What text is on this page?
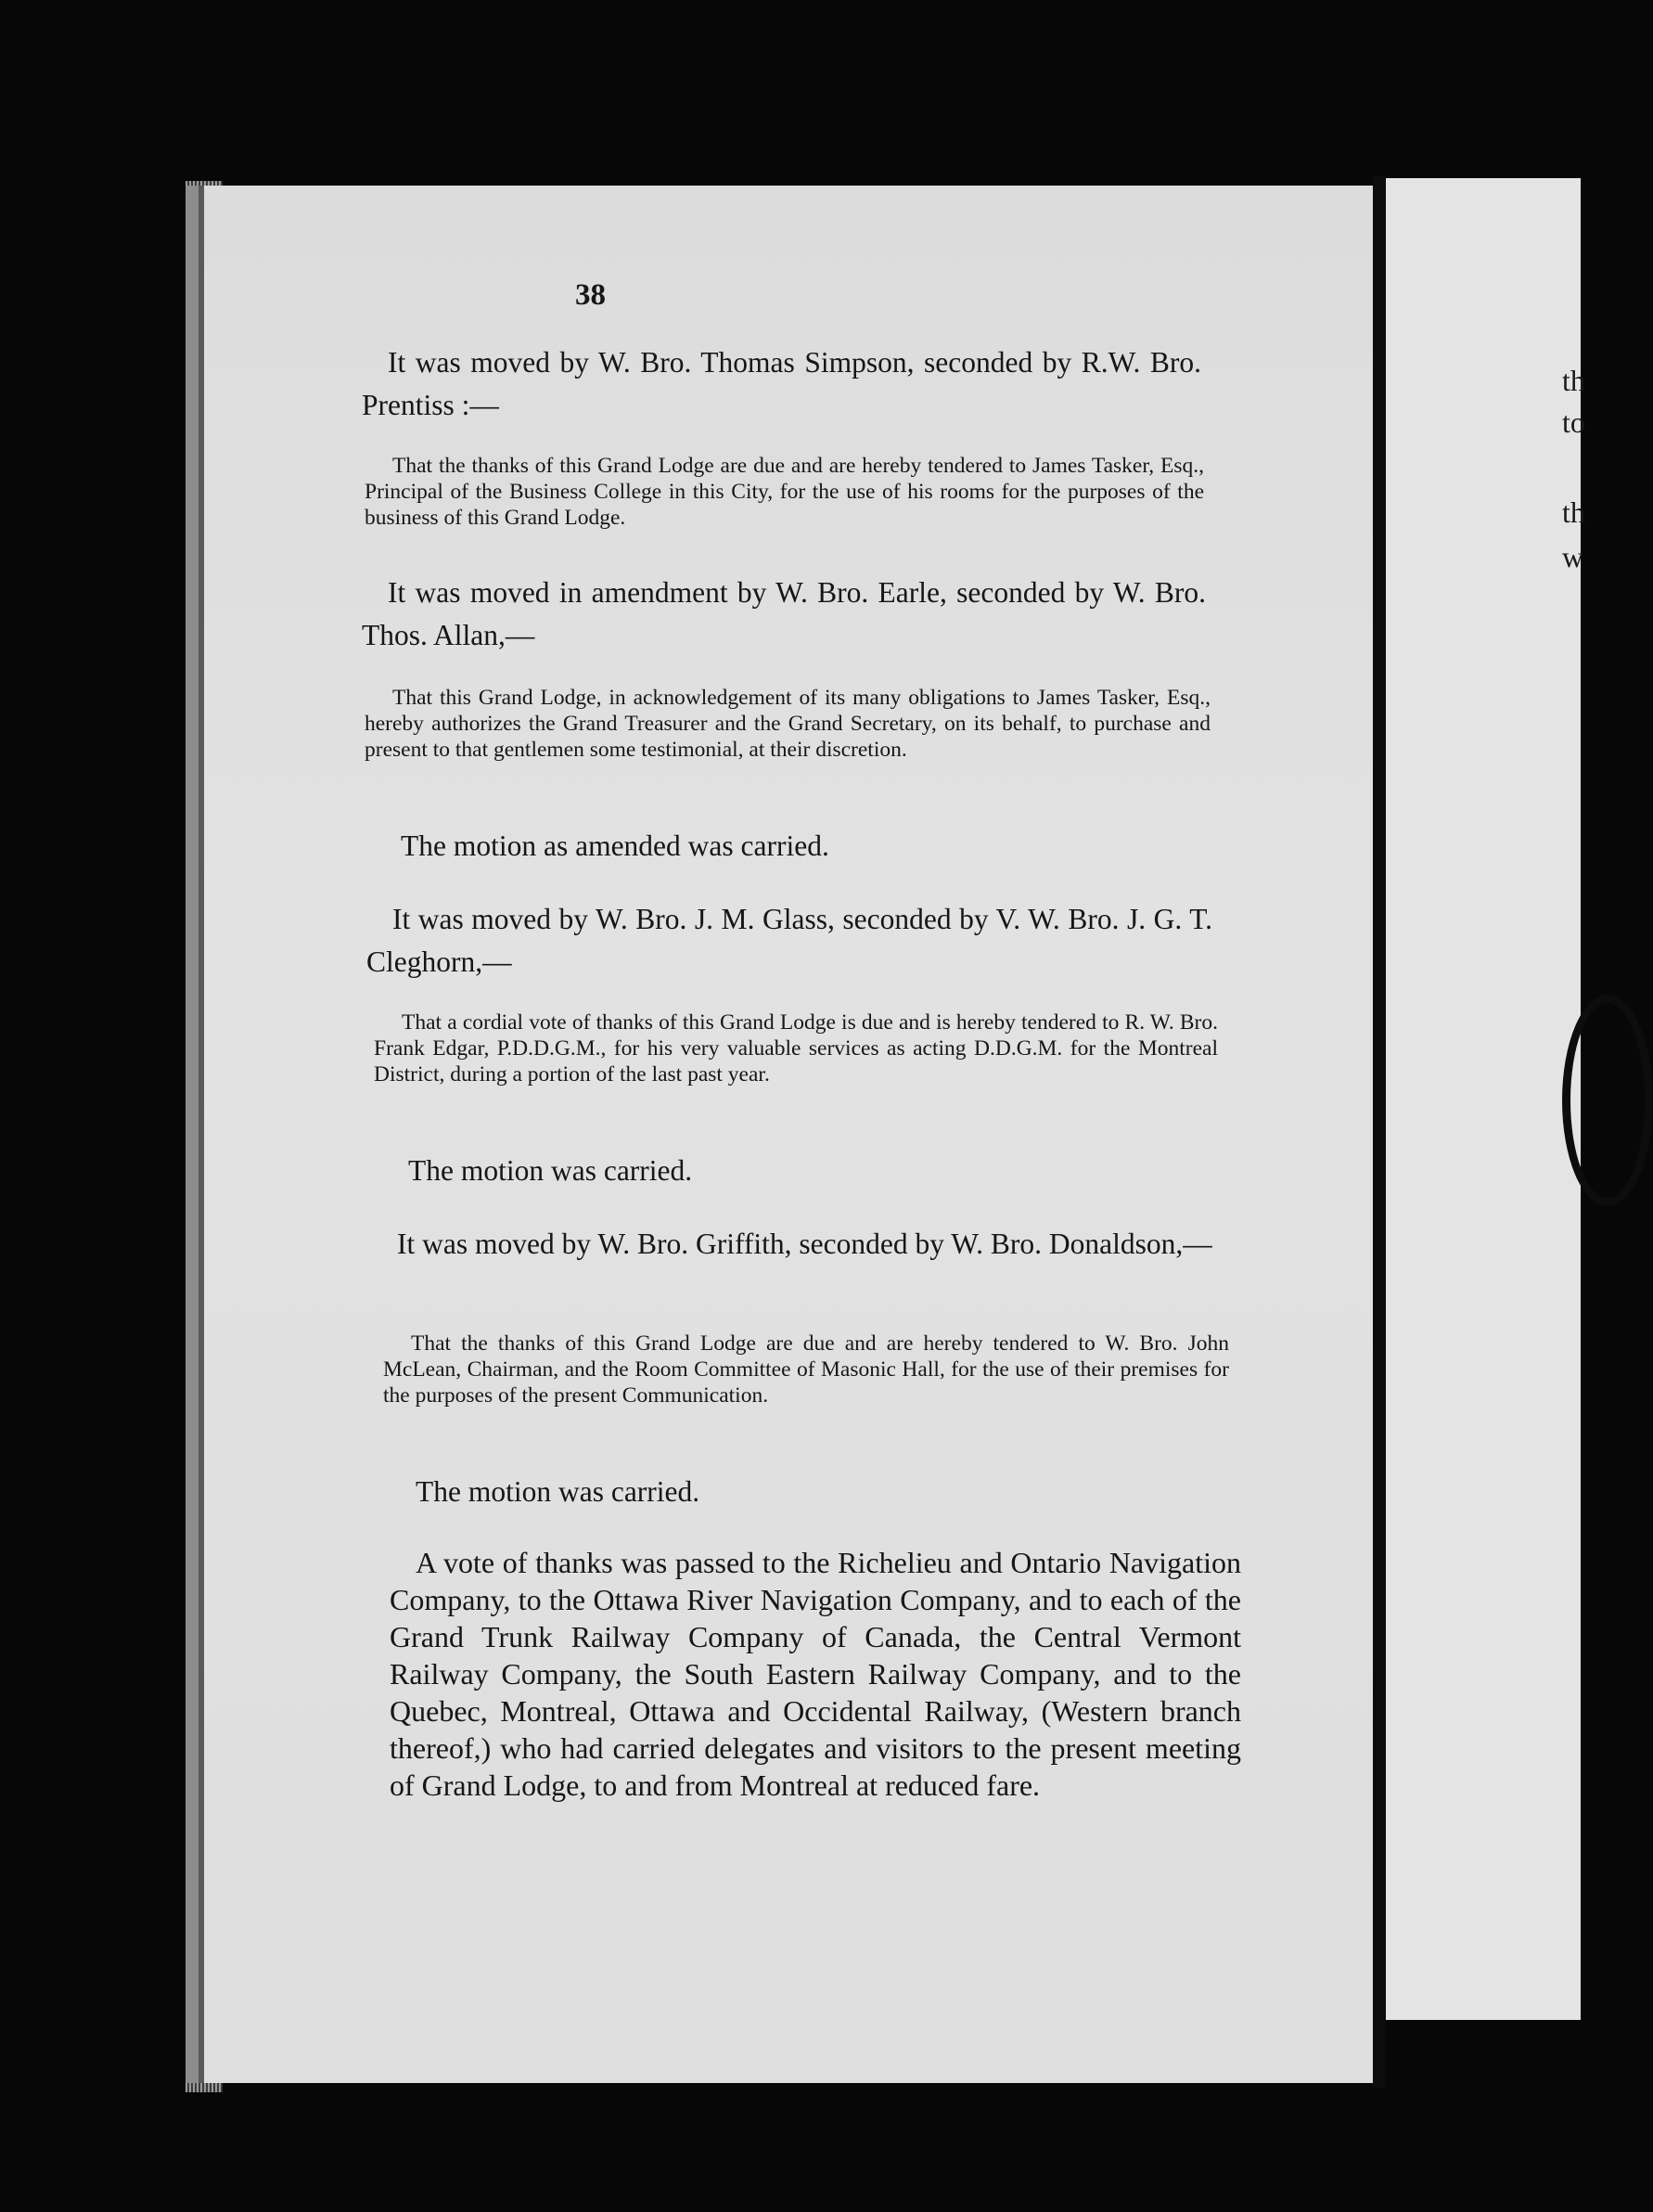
th
to
th
w
38

It was moved by W. Bro. Thomas Simpson, seconded by R.W. Bro. Prentiss :—

That the thanks of this Grand Lodge are due and are hereby tendered to James Tasker, Esq., Principal of the Business College in this City, for the use of his rooms for the purposes of the business of this Grand Lodge.

It was moved in amendment by W. Bro. Earle, seconded by W. Bro. Thos. Allan,—

That this Grand Lodge, in acknowledgement of its many obligations to James Tasker, Esq., hereby authorizes the Grand Treasurer and the Grand Secretary, on its behalf, to purchase and present to that gentlemen some testimonial, at their discretion.

The motion as amended was carried.

It was moved by W. Bro. J. M. Glass, seconded by V. W. Bro. J. G. T. Cleghorn,—

That a cordial vote of thanks of this Grand Lodge is due and is hereby tendered to R. W. Bro. Frank Edgar, P.D.D.G.M., for his very valuable services as acting D.D.G.M. for the Montreal District, during a portion of the last past year.

The motion was carried.

It was moved by W. Bro. Griffith, seconded by W. Bro. Donaldson,—

That the thanks of this Grand Lodge are due and are hereby tendered to W. Bro. John McLean, Chairman, and the Room Committee of Masonic Hall, for the use of their premises for the purposes of the present Communication.

The motion was carried.

A vote of thanks was passed to the Richelieu and Ontario Navigation Company, to the Ottawa River Navigation Company, and to each of the Grand Trunk Railway Company of Canada, the Central Vermont Railway Company, the South Eastern Railway Company, and to the Quebec, Montreal, Ottawa and Occidental Railway, (Western branch thereof,) who had carried delegates and visitors to the present meeting of Grand Lodge, to and from Montreal at reduced fare.
